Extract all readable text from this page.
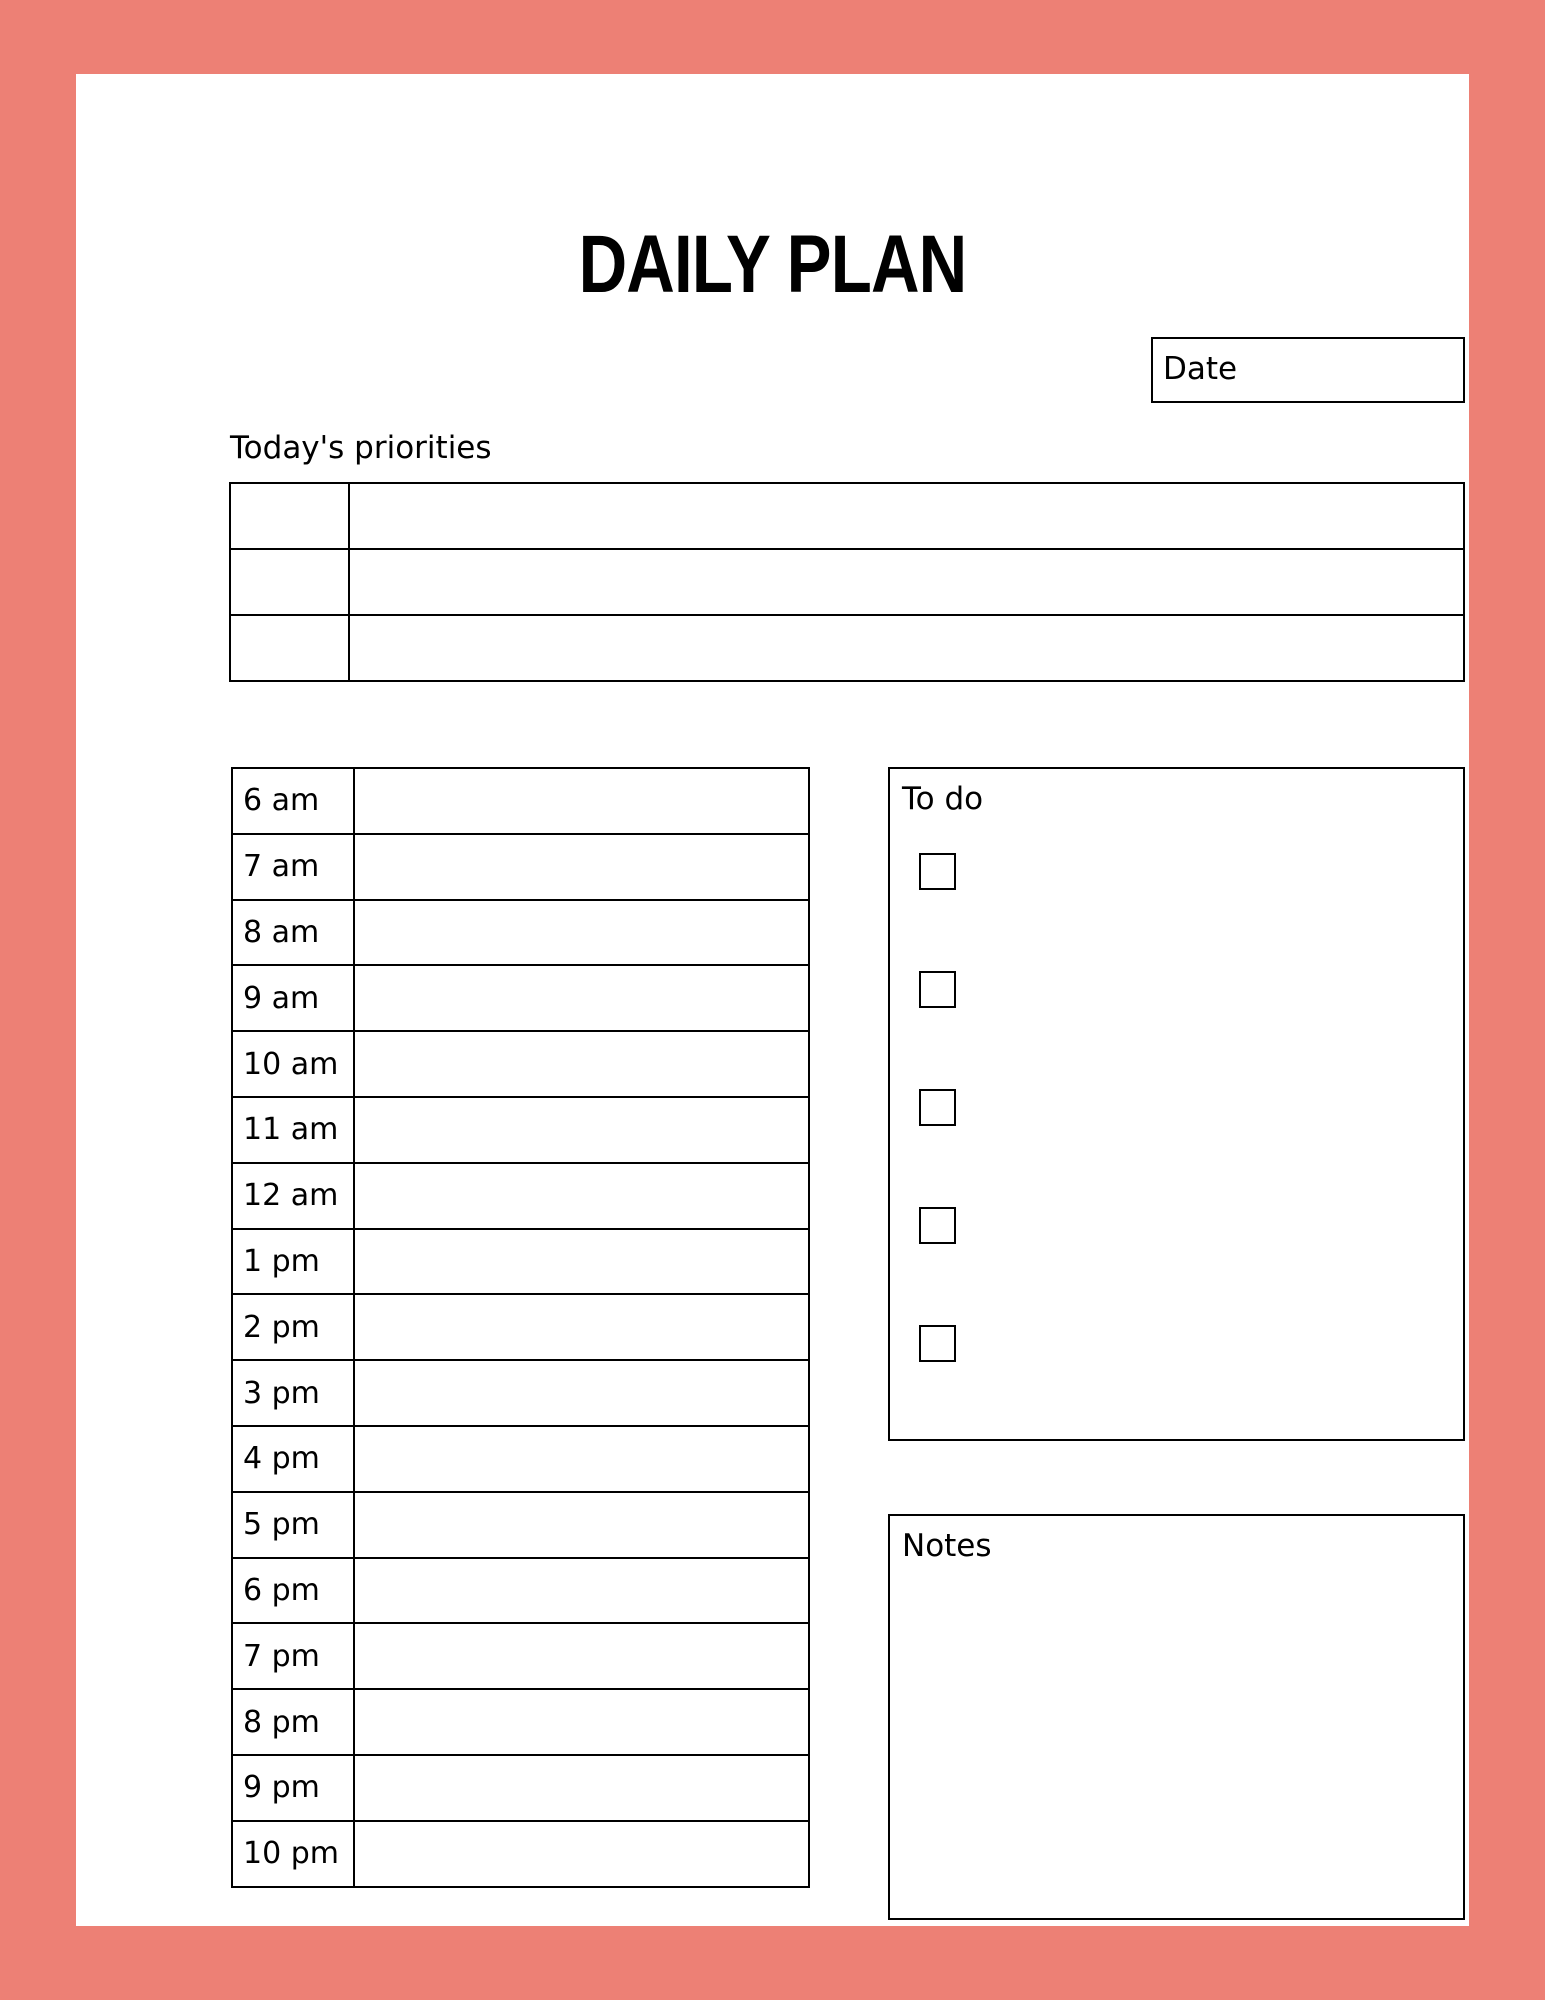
DAILY PLAN
Date
Today's priorities

6 am	
7 am	
8 am	
9 am	
10 am	
11 am	
12 am	
1 pm	
2 pm	
3 pm	
4 pm	
5 pm	
6 pm	
7 pm	
8 pm	
9 pm	
10 pm	
To do
Notes
